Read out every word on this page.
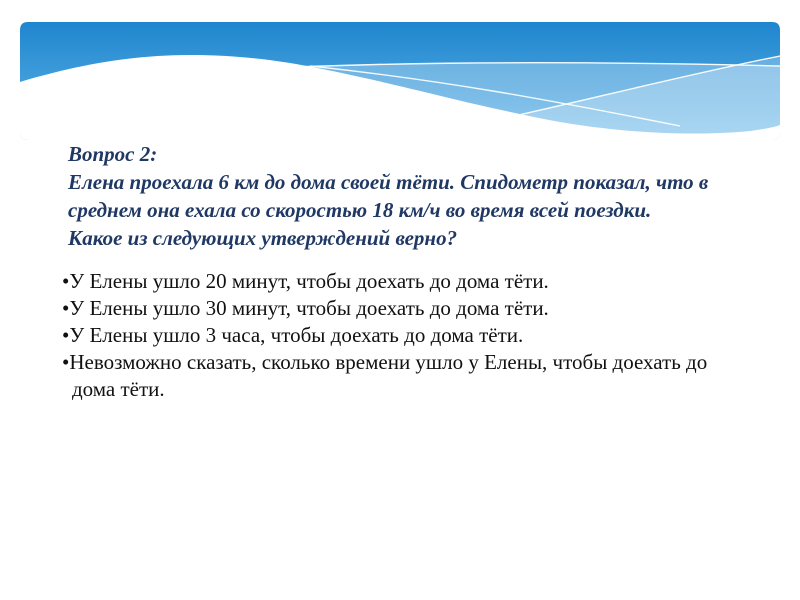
Вопрос 2:

Елена проехала 6 км до дома своей тёти. Спидометр показал, что в

среднем она ехала со скоростью 18 км/ч во время всей поездки.

Какое из следующих утверждений верно?

•У Елены ушло 20 минут, чтобы доехать до дома тёти.
•У Елены ушло 30 минут, чтобы доехать до дома тёти.
•У Елены ушло 3 часа, чтобы доехать до дома тёти.
•Невозможно сказать, сколько времени ушло у Елены, чтобы доехать до дома тёти.
